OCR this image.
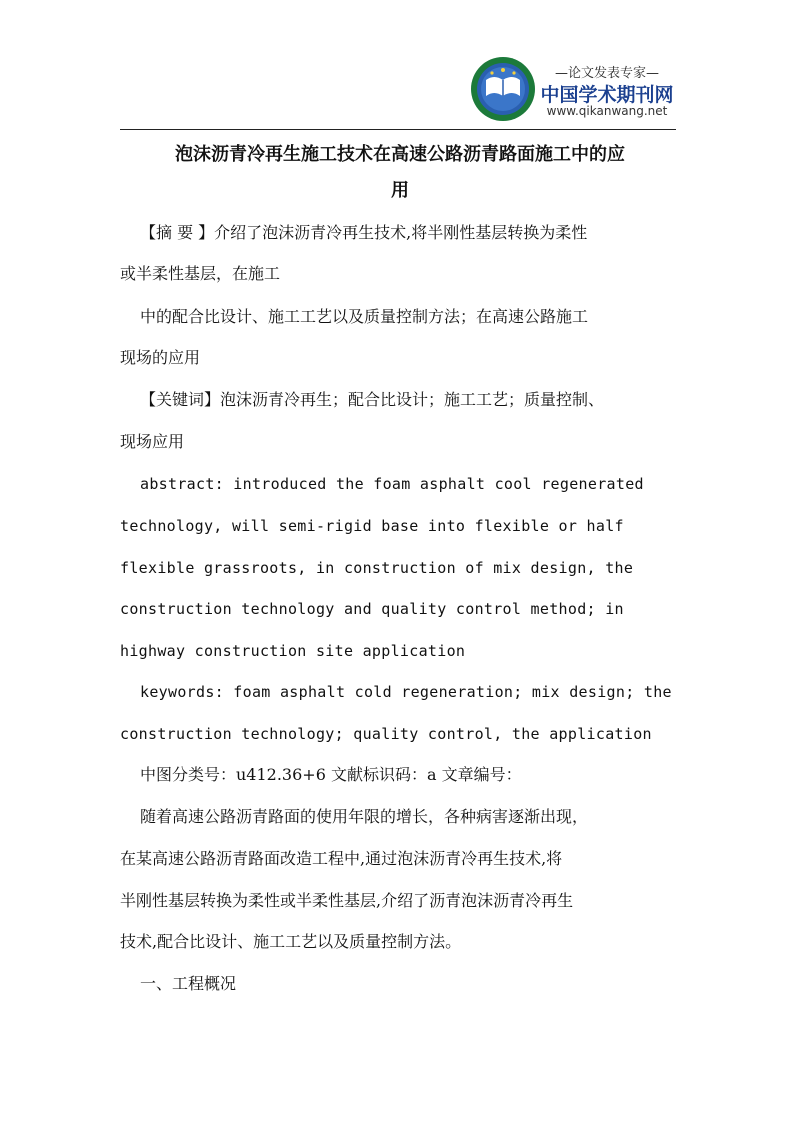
—论文发表专家—
中国学术期刊网
www.qikanwang.net
泡沫沥青冷再生施工技术在高速公路沥青路面施工中的应
用
【摘 要 】介绍了泡沫沥青冷再生技术,将半刚性基层转换为柔性
或半柔性基层，在施工
中的配合比设计、施工工艺以及质量控制方法；在高速公路施工
现场的应用
【关键词】泡沫沥青冷再生；配合比设计；施工工艺；质量控制、
现场应用
abstract: introduced the foam asphalt cool regenerated
technology, will semi-rigid base into flexible or half
flexible grassroots, in construction of mix design, the
construction technology and quality control method; in
highway construction site application
keywords: foam asphalt cold regeneration; mix design; the
construction technology; quality control, the application
中图分类号：u412.36+6 文献标识码：a 文章编号：
随着高速公路沥青路面的使用年限的增长，各种病害逐渐出现，
在某高速公路沥青路面改造工程中,通过泡沫沥青冷再生技术,将
半刚性基层转换为柔性或半柔性基层,介绍了沥青泡沫沥青冷再生
技术,配合比设计、施工工艺以及质量控制方法。
一、工程概况
